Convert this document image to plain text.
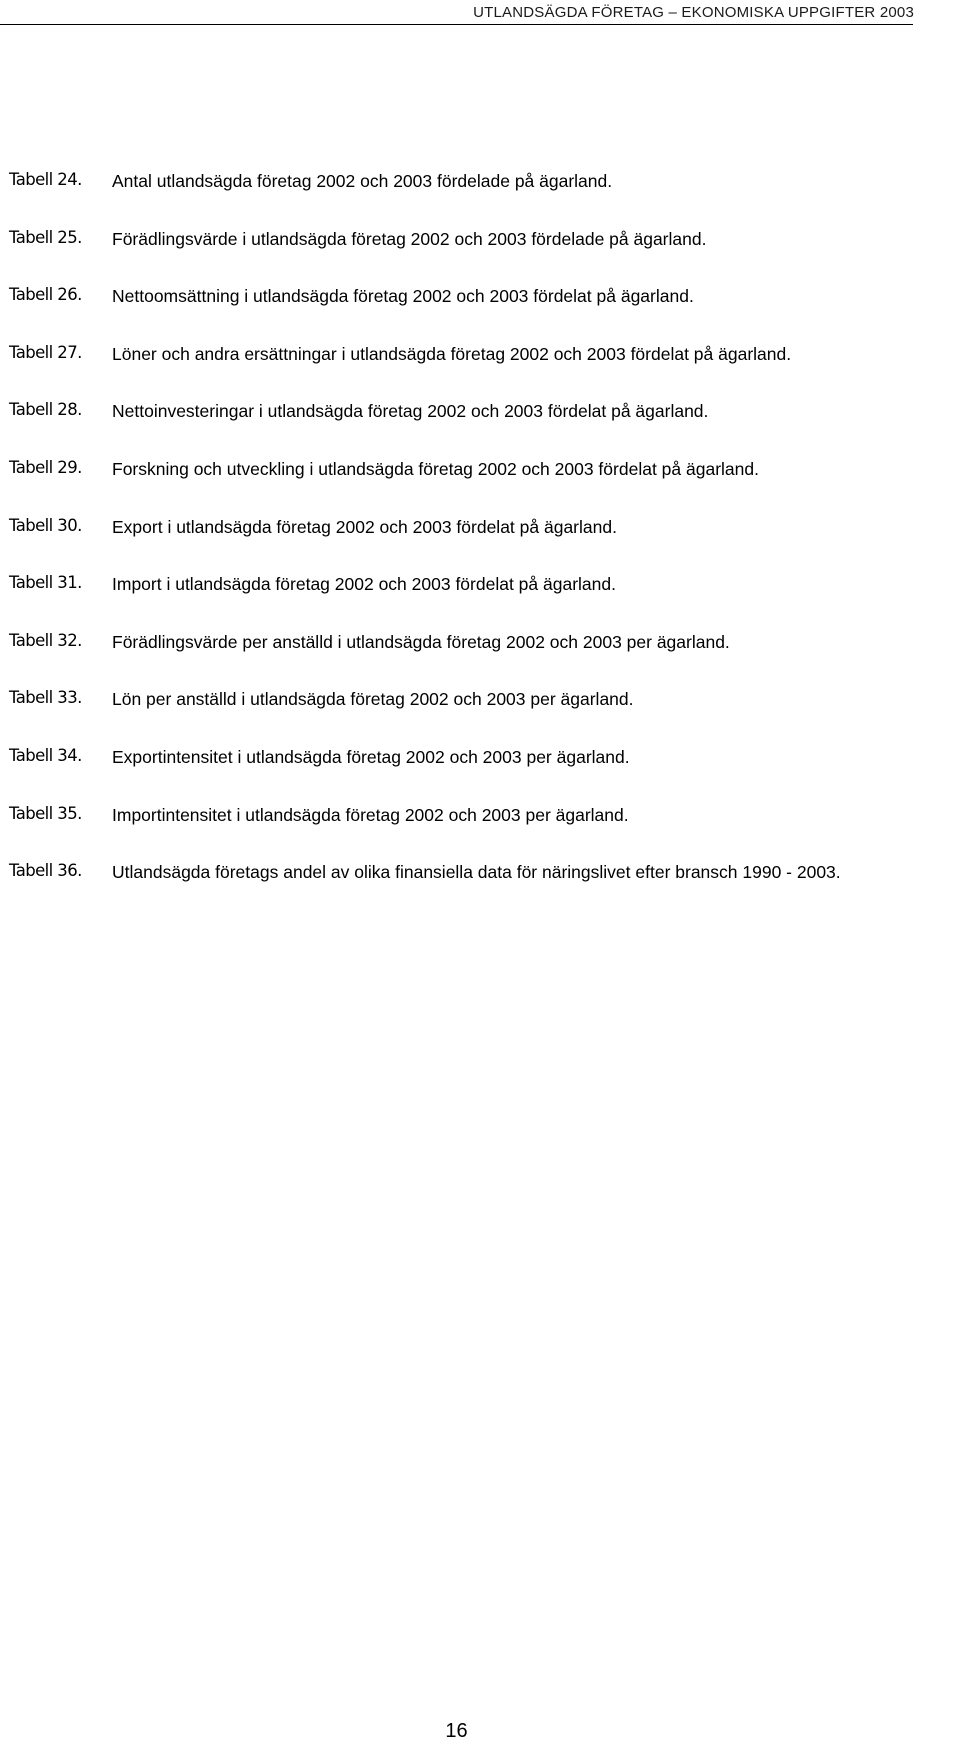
UTLANDSÄGDA FÖRETAG – EKONOMISKA UPPGIFTER 2003
Tabell 24. Antal utlandsägda företag 2002 och 2003 fördelade på ägarland.
Tabell 25. Förädlingsvärde i utlandsägda företag 2002 och 2003 fördelade på ägarland.
Tabell 26. Nettoomsättning i utlandsägda företag 2002 och 2003 fördelat på ägarland.
Tabell 27. Löner och andra ersättningar i utlandsägda företag 2002 och 2003 fördelat på ägarland.
Tabell 28. Nettoinvesteringar i utlandsägda företag 2002 och 2003 fördelat på ägarland.
Tabell 29. Forskning och utveckling i utlandsägda företag 2002 och 2003 fördelat på ägarland.
Tabell 30. Export i utlandsägda företag 2002 och 2003 fördelat på ägarland.
Tabell 31. Import i utlandsägda företag 2002 och 2003 fördelat på ägarland.
Tabell 32. Förädlingsvärde per anställd i utlandsägda företag 2002 och 2003 per ägarland.
Tabell 33. Lön per anställd i utlandsägda företag 2002 och 2003 per ägarland.
Tabell 34. Exportintensitet i utlandsägda företag 2002 och 2003 per ägarland.
Tabell 35. Importintensitet i utlandsägda företag 2002 och 2003 per ägarland.
Tabell 36. Utlandsägda företags andel av olika finansiella data för näringslivet efter bransch 1990 - 2003.
16
